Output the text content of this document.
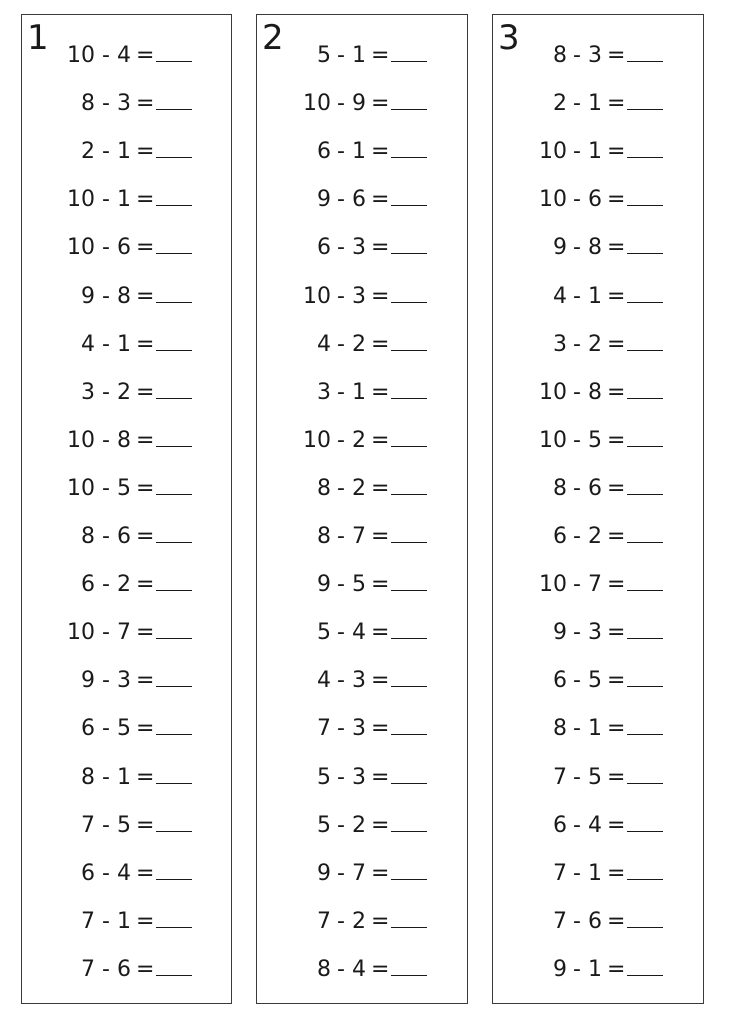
1 10 - 4 =
8 - 3 =
2 - 1 =
10 - 1 =
10 - 6 =
9 - 8 =
4 - 1 =
3 - 2 =
10 - 8 =
10 - 5 =
8 - 6 =
6 - 2 =
10 - 7 =
9 - 3 =
6 - 5 =
8 - 1 =
7 - 5 =
6 - 4 =
7 - 1 =
7 - 6 =
2 5 - 1 =
10 - 9 =
6 - 1 =
9 - 6 =
6 - 3 =
10 - 3 =
4 - 2 =
3 - 1 =
10 - 2 =
8 - 2 =
8 - 7 =
9 - 5 =
5 - 4 =
4 - 3 =
7 - 3 =
5 - 3 =
5 - 2 =
9 - 7 =
7 - 2 =
8 - 4 =
3 8 - 3 =
2 - 1 =
10 - 1 =
10 - 6 =
9 - 8 =
4 - 1 =
3 - 2 =
10 - 8 =
10 - 5 =
8 - 6 =
6 - 2 =
10 - 7 =
9 - 3 =
6 - 5 =
8 - 1 =
7 - 5 =
6 - 4 =
7 - 1 =
7 - 6 =
9 - 1 =
